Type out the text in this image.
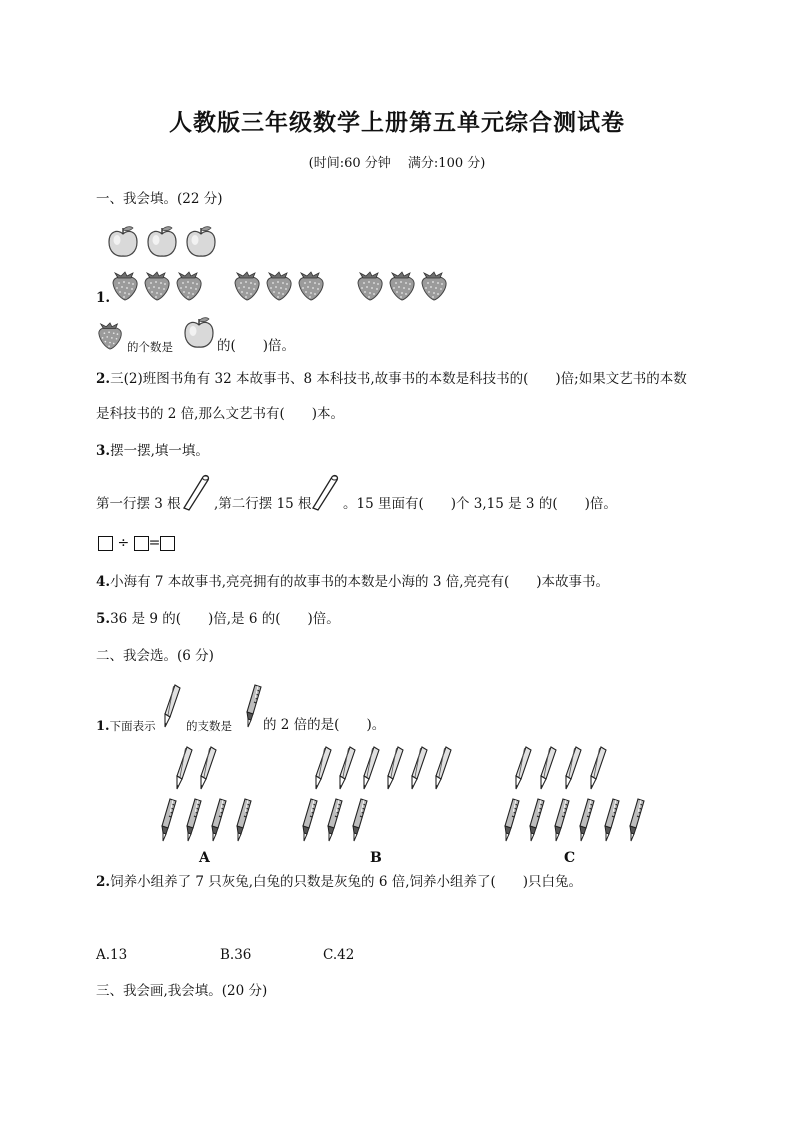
人教版三年级数学上册第五单元综合测试卷
(时间:60 分钟　 满分:100 分)
一、我会填。(22 分)
1.
的个数是	的(　　)倍。
2.三(2)班图书角有 32 本故事书、8 本科技书,故事书的本数是科技书的(　　)倍;如果文艺书的本数
是科技书的 2 倍,那么文艺书有(　　)本。
3.摆一摆,填一填。
第一行摆 3 根 ,第二行摆 15 根 。15 里面有(　　)个 3,15 是 3 的(　　)倍。
÷ =
4.小海有 7 本故事书,亮亮拥有的故事书的本数是小海的 3 倍,亮亮有(　　)本故事书。
5.36 是 9 的(　　)倍,是 6 的(　　)倍。
二、我会选。(6 分)
1.下面表示	的支数是 的 2 倍的是(　　)。
A	B	C
2.饲养小组养了 7 只灰兔,白兔的只数是灰兔的 6 倍,饲养小组养了(　　)只白兔。
A.13	B.36	C.42
三、我会画,我会填。(20 分)
